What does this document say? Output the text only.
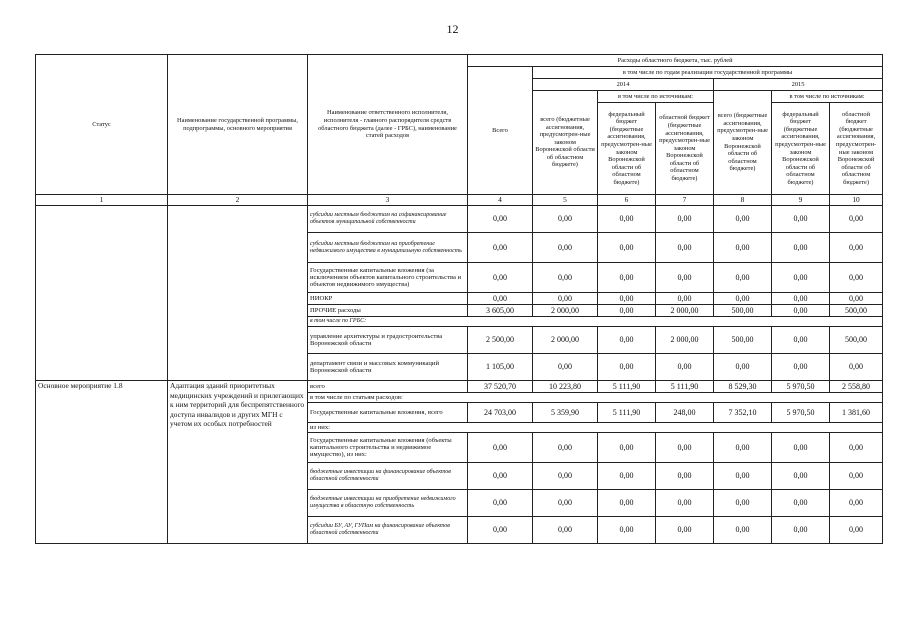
12
Статус	Наименование государственной программы, подпрограммы, основного мероприятия	Наименование ответственного исполнителя, исполнителя - главного распорядителя средств областного бюджета (далее - ГРБС), наименование статей расходов	Расходы областного бюджета, тыс. рублей						
			Всего	в том числе по годам реализации государственной программы					
				2014			2015		
				всего (бюджетные ассигнования, предусмотрен-ные законом Воронежской области об областном бюджете)	в том числе по источникам:		всего (бюджетные ассигнования, предусмотрен-ные законом Воронежской области об областном бюджете)	в том числе по источникам:	
					федеральный бюджет (бюджетные ассигнования, предусмотрен-ные законом Воронежской области об областном бюджете)	областной бюджет (бюджетные ассигнования, предусмотрен-ные законом Воронежской области об областном бюджете)		федеральный бюджет (бюджетные ассигнования, предусмотрен-ные законом Воронежской области об областном бюджете)	областной бюджет (бюджетные ассигнования, предусмотрен-ные законом Воронежской области об областном бюджете)
1	2	3	4	5	6	7	8	9	10
		субсидии местным бюджетам на софинансирование объектов муниципальной собственности	0,00	0,00	0,00	0,00	0,00	0,00	0,00
		субсидии местным бюджетам на приобретение недвижимого имущества в муниципальную собственность	0,00	0,00	0,00	0,00	0,00	0,00	0,00
		Государственные капитальные вложения (за исключением объектов капитального строительства и объектов недвижимого имущества)	0,00	0,00	0,00	0,00	0,00	0,00	0,00
		НИОКР	0,00	0,00	0,00	0,00	0,00	0,00	0,00
		ПРОЧИЕ расходы	3 605,00	2 000,00	0,00	2 000,00	500,00	0,00	500,00
		в том числе по ГРБС:							
		управление архитектуры и градостроительства Воронежской области	2 500,00	2 000,00	0,00	2 000,00	500,00	0,00	500,00
		департамент связи и массовых коммуникаций Воронежской области	1 105,00	0,00	0,00	0,00	0,00	0,00	0,00
Основное мероприятие 1.8	Адаптация зданий приоритетных медицинских учреждений и прилегающих к ним территорий для беспрепятственного доступа инвалидов и других МГН с учетом их особых потребностей	всего	37 520,70	10 223,80	5 111,90	5 111,90	8 529,30	5 970,50	2 558,80
		в том числе по статьям расходов:							
		Государственные капитальные вложения, всего	24 703,00	5 359,90	5 111,90	248,00	7 352,10	5 970,50	1 381,60
		из них:							
		Государственные капитальные вложения (объекты капитального строительства и недвижимое имущество), из них:	0,00	0,00	0,00	0,00	0,00	0,00	0,00
		бюджетные инвестиции на финансирование объектов областной собственности	0,00	0,00	0,00	0,00	0,00	0,00	0,00
		бюджетные инвестиции на приобретение недвижимого имущества в областную собственность	0,00	0,00	0,00	0,00	0,00	0,00	0,00
		субсидии БУ, АУ, ГУПам на финансирование объектов областной собственности	0,00	0,00	0,00	0,00	0,00	0,00	0,00
